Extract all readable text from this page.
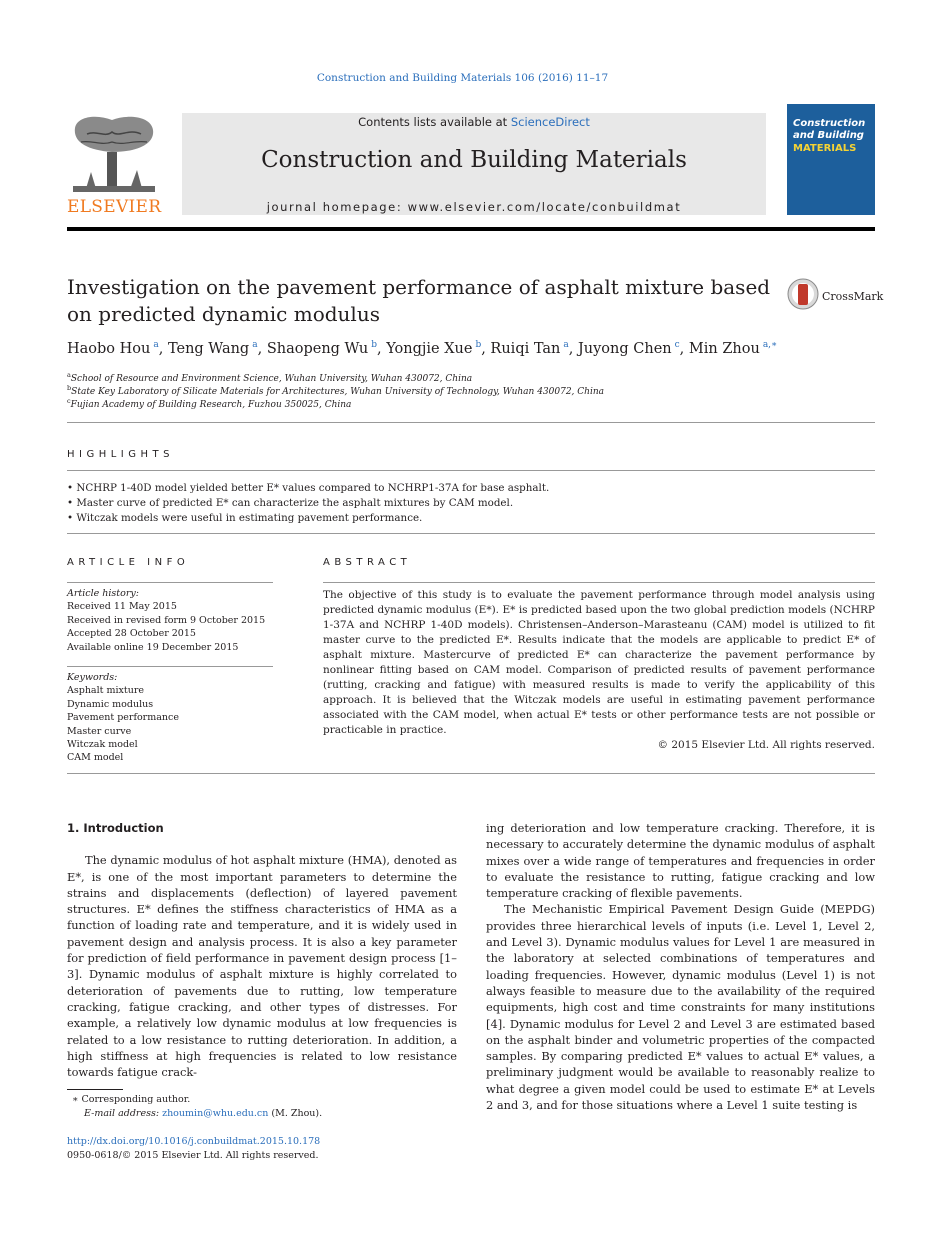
Construction and Building Materials 106 (2016) 11–17
ELSEVIER
Contents lists available at ScienceDirect
Construction and Building Materials
journal homepage: www.elsevier.com/locate/conbuildmat
Construction and Building
MATERIALS
Investigation on the pavement performance of asphalt mixture based on predicted dynamic modulus
CrossMark
Haobo Hou $^a$, Teng Wang $^a$, Shaopeng Wu $^b$, Yongjie Xue $^b$, Ruiqi Tan $^a$, Juyong Chen $^c$, Min Zhou $^{a,∗}$
$^a$School of Resource and Environment Science, Wuhan University, Wuhan 430072, China
$^b$State Key Laboratory of Silicate Materials for Architectures, Wuhan University of Technology, Wuhan 430072, China
$^c$Fujian Academy of Building Research, Fuzhou 350025, China
HIGHLIGHTS
• NCHRP 1-40D model yielded better E* values compared to NCHRP1-37A for base asphalt.
• Master curve of predicted E* can characterize the asphalt mixtures by CAM model.
• Witczak models were useful in estimating pavement performance.
ARTICLE INFO
Article history:
Received 11 May 2015
Received in revised form 9 October 2015
Accepted 28 October 2015
Available online 19 December 2015
Keywords:
Asphalt mixture
Dynamic modulus
Pavement performance
Master curve
Witczak model
CAM model
ABSTRACT
The objective of this study is to evaluate the pavement performance through model analysis using predicted dynamic modulus (E*). E* is predicted based upon the two global prediction models (NCHRP 1-37A and NCHRP 1-40D models). Christensen–Anderson–Marasteanu (CAM) model is utilized to fit master curve to the predicted E*. Results indicate that the models are applicable to predict E* of asphalt mixture. Mastercurve of predicted E* can characterize the pavement performance by nonlinear fitting based on CAM model. Comparison of predicted results of pavement performance (rutting, cracking and fatigue) with measured results is made to verify the applicability of this approach. It is believed that the Witczak models are useful in estimating pavement performance associated with the CAM model, when actual E* tests or other performance tests are not possible or practicable in practice.
© 2015 Elsevier Ltd. All rights reserved.

1. Introduction

The dynamic modulus of hot asphalt mixture (HMA), denoted as E*, is one of the most important parameters to determine the strains and displacements (deflection) of layered pavement structures. E* defines the stiffness characteristics of HMA as a function of loading rate and temperature, and it is widely used in pavement design and analysis process. It is also a key parameter for prediction of field performance in pavement design process [1–3]. Dynamic modulus of asphalt mixture is highly correlated to deterioration of pavements due to rutting, low temperature cracking, fatigue cracking, and other types of distresses. For example, a relatively low dynamic modulus at low frequencies is related to a low resistance to rutting deterioration. In addition, a high stiffness at high frequencies is related to low resistance towards fatigue crack-

ing deterioration and low temperature cracking. Therefore, it is necessary to accurately determine the dynamic modulus of asphalt mixes over a wide range of temperatures and frequencies in order to evaluate the resistance to rutting, fatigue cracking and low temperature cracking of flexible pavements.

The Mechanistic Empirical Pavement Design Guide (MEPDG) provides three hierarchical levels of inputs (i.e. Level 1, Level 2, and Level 3). Dynamic modulus values for Level 1 are measured in the laboratory at selected combinations of temperatures and loading frequencies. However, dynamic modulus (Level 1) is not always feasible to measure due to the availability of the required equipments, high cost and time constraints for many institutions [4]. Dynamic modulus for Level 2 and Level 3 are estimated based on the asphalt binder and volumetric properties of the compacted samples. By comparing predicted E* values to actual E* values, a preliminary judgment would be available to reasonably realize to what degree a given model could be used to estimate E* at Levels 2 and 3, and for those situations where a Level 1 suite testing is

∗ Corresponding author.
E-mail address: zhoumin@whu.edu.cn (M. Zhou).
http://dx.doi.org/10.1016/j.conbuildmat.2015.10.178
0950-0618/© 2015 Elsevier Ltd. All rights reserved.
